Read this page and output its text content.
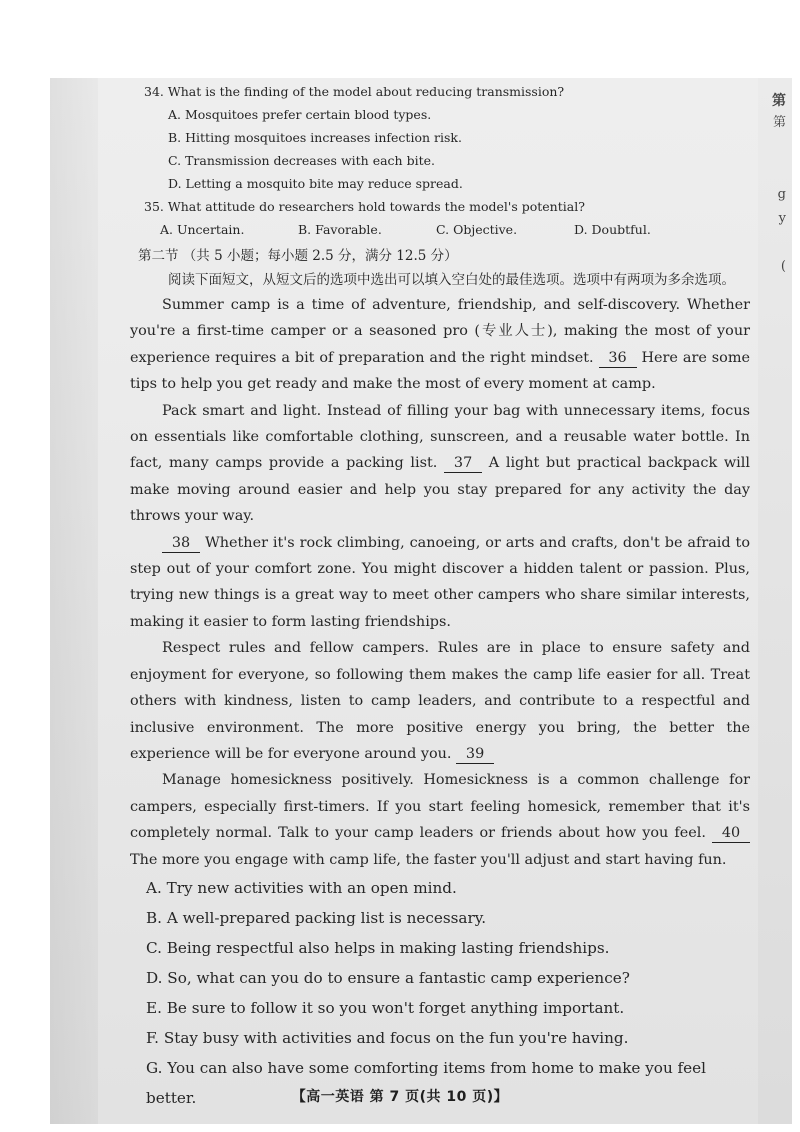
第
第
g
y
(
34. What is the finding of the model about reducing transmission?
A. Mosquitoes prefer certain blood types.
B. Hitting mosquitoes increases infection risk.
C. Transmission decreases with each bite.
D. Letting a mosquito bite may reduce spread.
35. What attitude do researchers hold towards the model's potential?
A. Uncertain.	B. Favorable.	C. Objective.	D. Doubtful.
第二节 （共 5 小题；每小题 2.5 分，满分 12.5 分）
阅读下面短文，从短文后的选项中选出可以填入空白处的最佳选项。选项中有两项为多余选项。

Summer camp is a time of adventure, friendship, and self-discovery. Whether you're a first-time camper or a seasoned pro (专业人士), making the most of your experience requires a bit of preparation and the right mindset. 36 Here are some tips to help you get ready and make the most of every moment at camp.

Pack smart and light. Instead of filling your bag with unnecessary items, focus on essentials like comfortable clothing, sunscreen, and a reusable water bottle. In fact, many camps provide a packing list. 37 A light but practical backpack will make moving around easier and help you stay prepared for any activity the day throws your way.

38 Whether it's rock climbing, canoeing, or arts and crafts, don't be afraid to step out of your comfort zone. You might discover a hidden talent or passion. Plus, trying new things is a great way to meet other campers who share similar interests, making it easier to form lasting friendships.

Respect rules and fellow campers. Rules are in place to ensure safety and enjoyment for everyone, so following them makes the camp life easier for all. Treat others with kindness, listen to camp leaders, and contribute to a respectful and inclusive environment. The more positive energy you bring, the better the experience will be for everyone around you. 39

Manage homesickness positively. Homesickness is a common challenge for campers, especially first-timers. If you start feeling homesick, remember that it's completely normal. Talk to your camp leaders or friends about how you feel. 40 The more you engage with camp life, the faster you'll adjust and start having fun.

A. Try new activities with an open mind.
B. A well-prepared packing list is necessary.
C. Being respectful also helps in making lasting friendships.
D. So, what can you do to ensure a fantastic camp experience?
E. Be sure to follow it so you won't forget anything important.
F. Stay busy with activities and focus on the fun you're having.
G. You can also have some comforting items from home to make you feel better.	【高一英语 第 7 页(共 10 页)】
